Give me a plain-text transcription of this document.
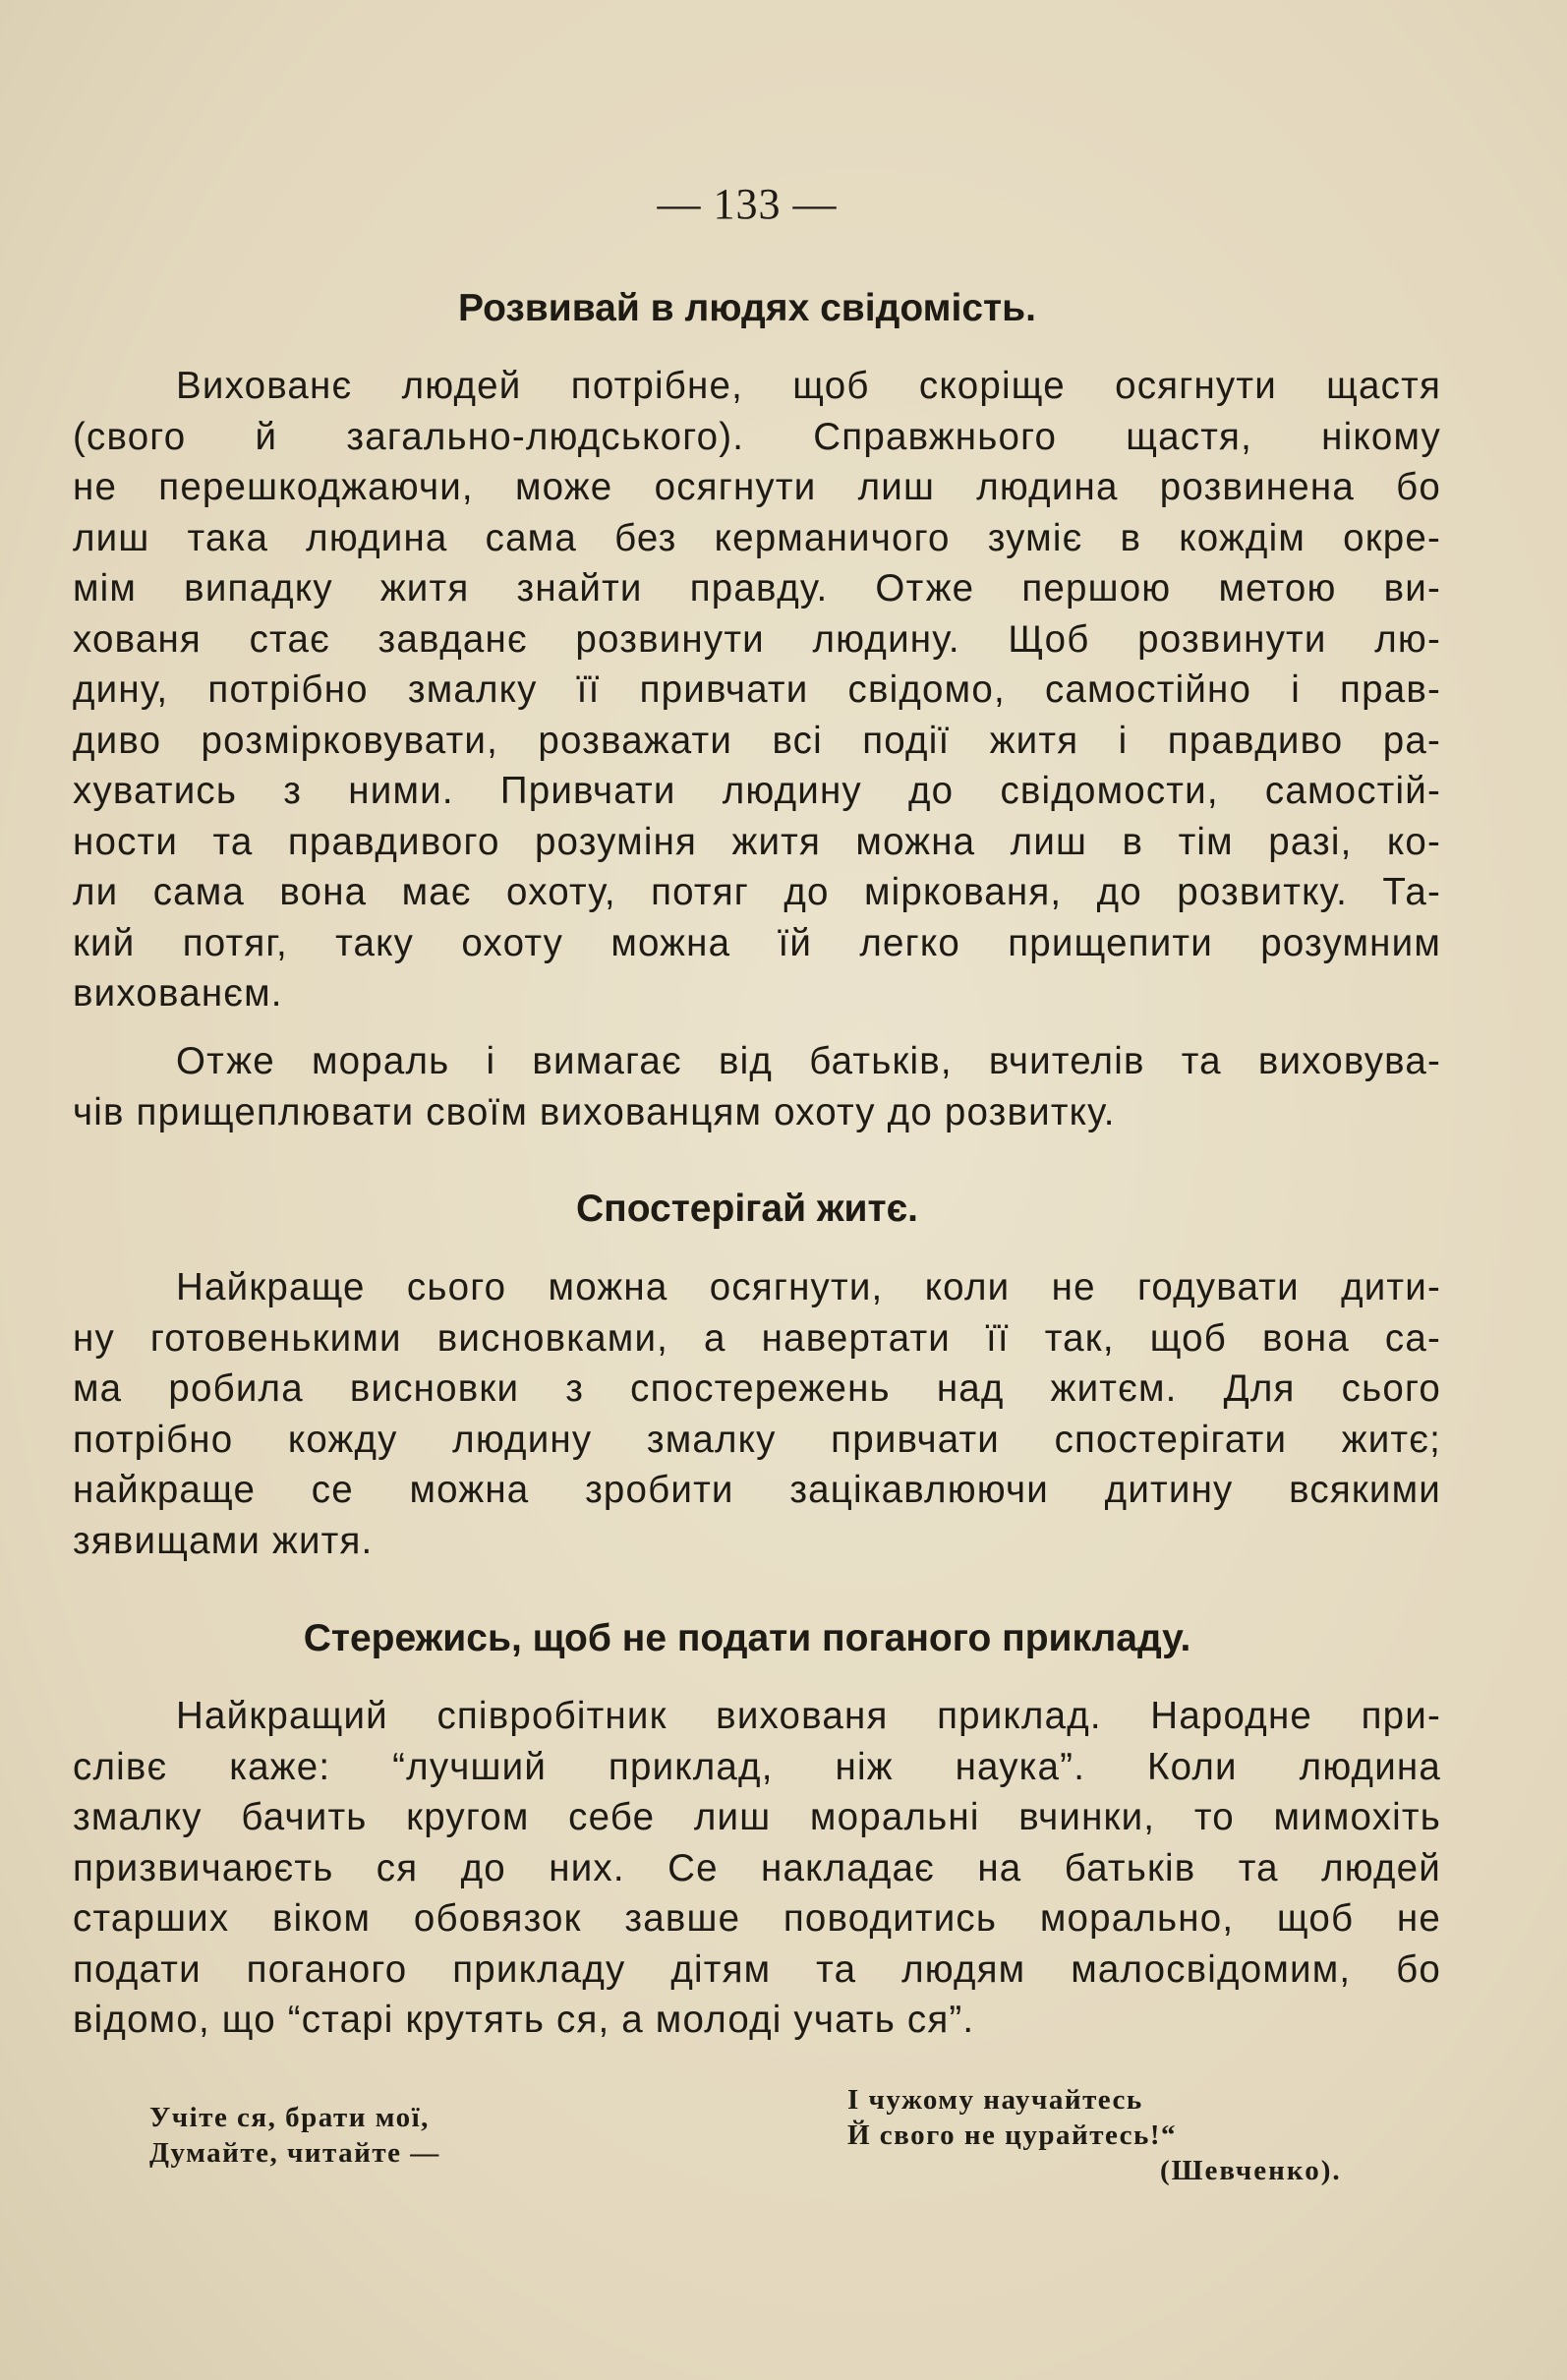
— 133 —
Розвивай в людях свідомість.
Вихованє людей потрібне, щоб скоріще осягнути щастя
(свого й загально-людського). Справжнього щастя, нікому
не перешкоджаючи, може осягнути лиш людина розвинена бо
лиш така людина сама без керманичого зуміє в кождім окре-
мім випадку житя знайти правду. Отже першою метою ви-
хованя стає завданє розвинути людину. Щоб розвинути лю-
дину, потрібно змалку її привчати свідомо, самостійно і прав-
диво розмірковувати, розважати всі події житя і правдиво ра-
хуватись з ними. Привчати людину до свідомости, самостій-
ности та правдивого розуміня житя можна лиш в тім разі, ко-
ли сама вона має охоту, потяг до міркованя, до розвитку. Та-
кий потяг, таку охоту можна їй легко прищепити розумним
вихованєм.
Отже мораль і вимагає від батьків, вчителів та виховува-
чів прищеплювати своїм вихованцям охоту до розвитку.
Спостерігай житє.
Найкраще сього можна осягнути, коли не годувати дити-
ну готовенькими висновками, а навертати її так, щоб вона са-
ма робила висновки з спостережень над житєм. Для сього
потрібно кожду людину змалку привчати спостерігати житє;
найкраще се можна зробити зацікавлюючи дитину всякими
зявищами житя.
Стережись, щоб не подати поганого прикладу.
Найкращий співробітник вихованя приклад. Народне при-
слівє каже: “лучший приклад, ніж наука”. Коли людина
змалку бачить кругом себе лиш моральні вчинки, то мимохіть
призвичаюєть ся до них. Се накладає на батьків та людей
старших віком обовязок завше поводитись морально, щоб не
подати поганого прикладу дітям та людям малосвідомим, бо
відомо, що “старі крутять ся, а молоді учать ся”.
Учіте ся, брати мої,
Думайте, читайте —
І чужому научайтесь
Й свого не цурайтесь!“
(Шевченко).
